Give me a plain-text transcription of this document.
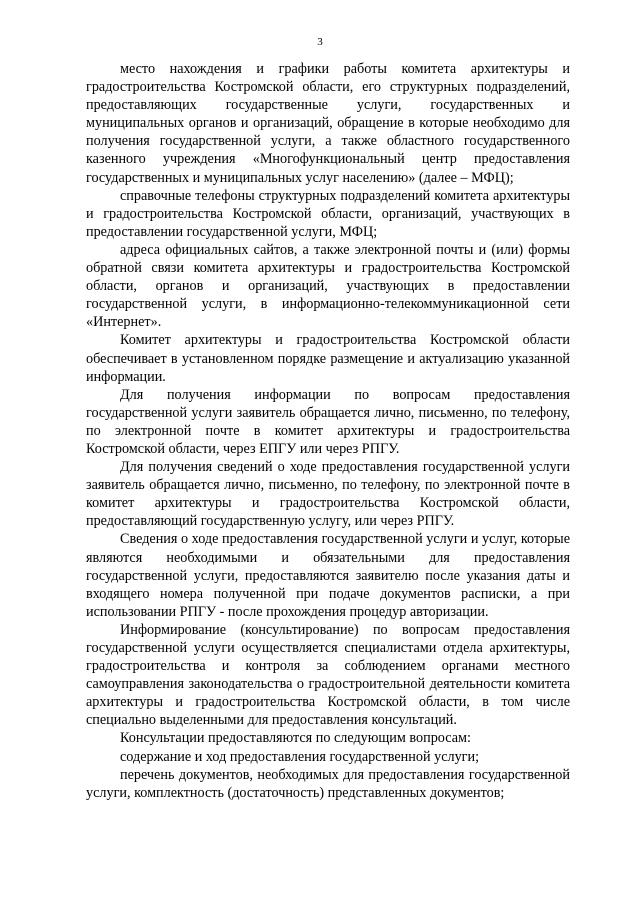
3

место нахождения и графики работы комитета архитектуры и градостроительства Костромской области, его структурных подразделений, предоставляющих государственные услуги, государственных и муниципальных органов и организаций, обращение в которые необходимо для получения государственной услуги, а также областного государственного казенного учреждения «Многофункциональный центр предоставления государственных и муниципальных услуг населению» (далее – МФЦ);

справочные телефоны структурных подразделений комитета архитектуры и градостроительства Костромской области, организаций, участвующих в предоставлении государственной услуги, МФЦ;

адреса официальных сайтов, а также электронной почты и (или) формы обратной связи комитета архитектуры и градостроительства Костромской области, органов и организаций, участвующих в предоставлении государственной услуги, в информационно-телекоммуникационной сети «Интернет».

Комитет архитектуры и градостроительства Костромской области обеспечивает в установленном порядке размещение и актуализацию указанной информации.

Для получения информации по вопросам предоставления государственной услуги заявитель обращается лично, письменно, по телефону, по электронной почте в комитет архитектуры и градостроительства Костромской области, через ЕПГУ или через РПГУ.

Для получения сведений о ходе предоставления государственной услуги заявитель обращается лично, письменно, по телефону, по электронной почте в комитет архитектуры и градостроительства Костромской области, предоставляющий государственную услугу, или через РПГУ.

Сведения о ходе предоставления государственной услуги и услуг, которые являются необходимыми и обязательными для предоставления государственной услуги, предоставляются заявителю после указания даты и входящего номера полученной при подаче документов расписки, а при использовании РПГУ - после прохождения процедур авторизации.

Информирование (консультирование) по вопросам предоставления государственной услуги осуществляется специалистами отдела архитектуры, градостроительства и контроля за соблюдением органами местного самоуправления законодательства о градостроительной деятельности комитета архитектуры и градостроительства Костромской области, в том числе специально выделенными для предоставления консультаций.

Консультации предоставляются по следующим вопросам:

содержание и ход предоставления государственной услуги;

перечень документов, необходимых для предоставления государственной услуги, комплектность (достаточность) представленных документов;
